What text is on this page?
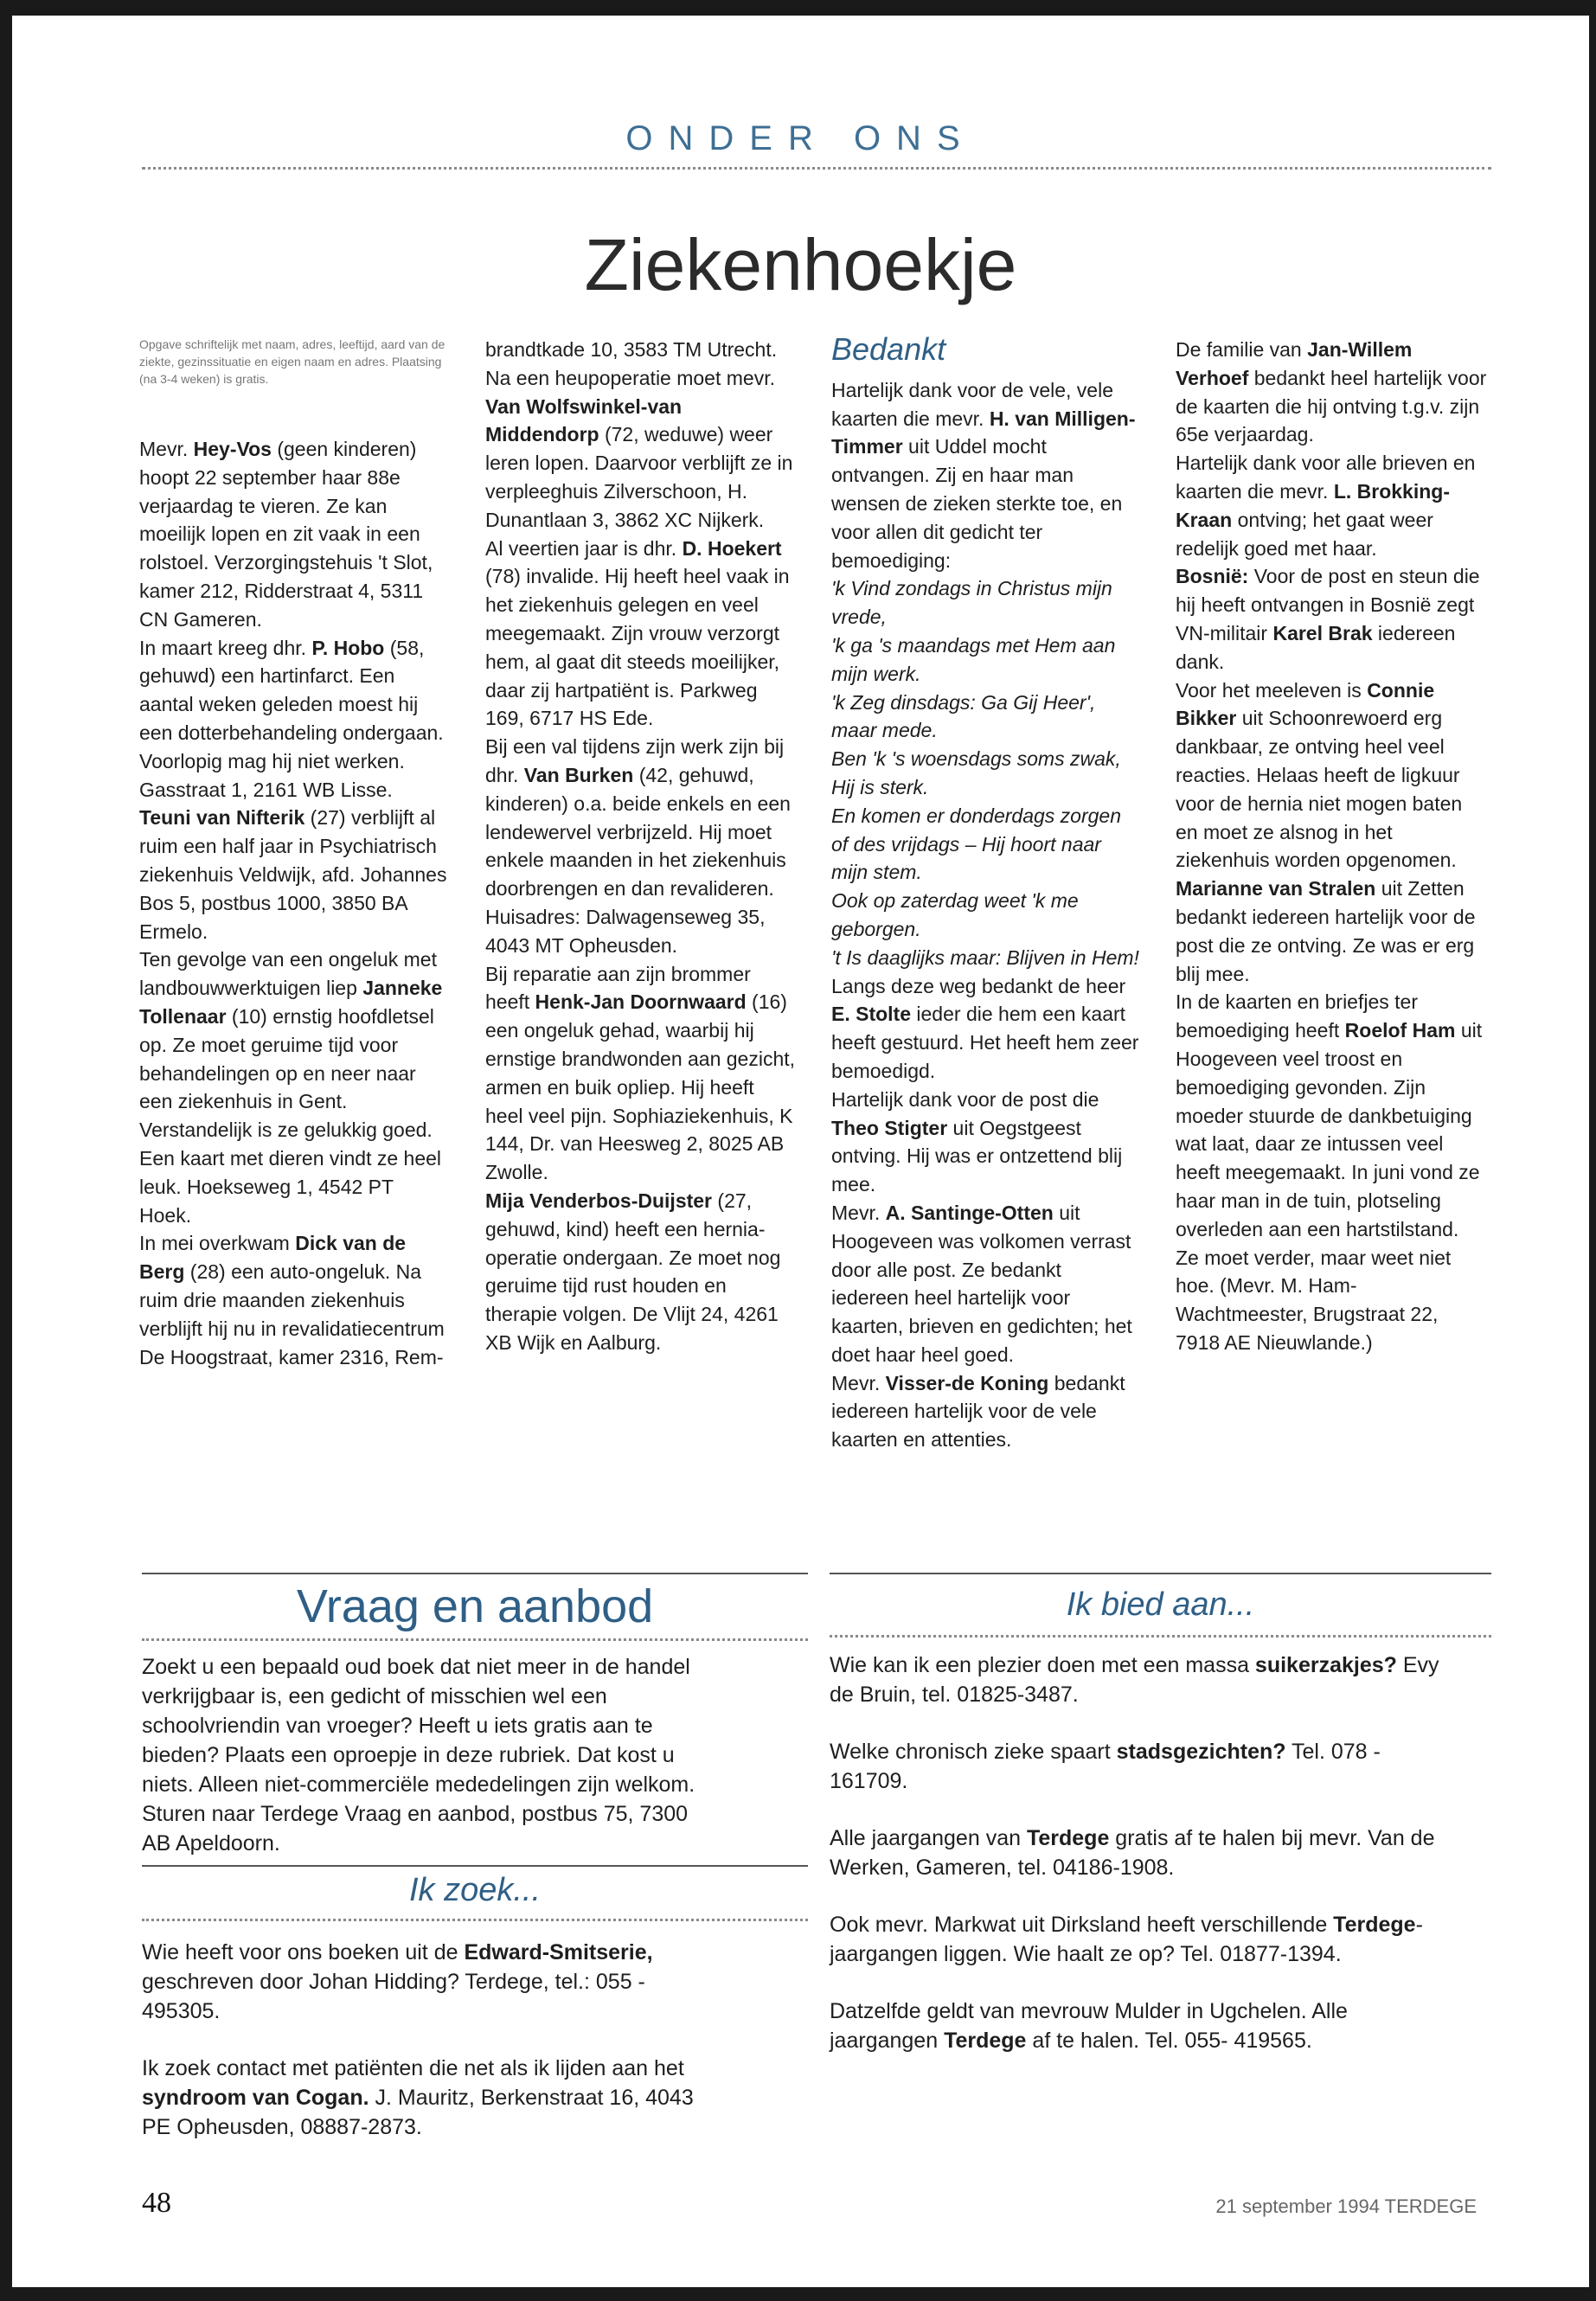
ONDER ONS
Ziekenhoekje

Opgave schriftelijk met naam, adres, leeftijd, aard van de ziekte, gezinssituatie en eigen naam en adres. Plaatsing (na 3-4 weken) is gratis.

Mevr. Hey-Vos (geen kinderen) hoopt 22 september haar 88e verjaardag te vieren. Ze kan moeilijk lopen en zit vaak in een rolstoel. Verzorgingstehuis 't Slot, kamer 212, Ridderstraat 4, 5311 CN Gameren.

In maart kreeg dhr. P. Hobo (58, gehuwd) een hartinfarct. Een aantal weken geleden moest hij een dotterbehandeling ondergaan. Voorlopig mag hij niet werken. Gasstraat 1, 2161 WB Lisse.

Teuni van Nifterik (27) verblijft al ruim een half jaar in Psychiatrisch ziekenhuis Veldwijk, afd. Johannes Bos 5, postbus 1000, 3850 BA Ermelo.

Ten gevolge van een ongeluk met landbouwwerktuigen liep Janneke Tollenaar (10) ernstig hoofdletsel op. Ze moet geruime tijd voor behandelingen op en neer naar een ziekenhuis in Gent. Verstandelijk is ze gelukkig goed. Een kaart met dieren vindt ze heel leuk. Hoekseweg 1, 4542 PT Hoek.

In mei overkwam Dick van de Berg (28) een auto-ongeluk. Na ruim drie maanden ziekenhuis verblijft hij nu in revalidatiecentrum De Hoogstraat, kamer 2316, Rem-

brandtkade 10, 3583 TM Utrecht.

Na een heupoperatie moet mevr. Van Wolfswinkel-van Middendorp (72, weduwe) weer leren lopen. Daarvoor verblijft ze in verpleeghuis Zilverschoon, H. Dunantlaan 3, 3862 XC Nijkerk.

Al veertien jaar is dhr. D. Hoekert (78) invalide. Hij heeft heel vaak in het ziekenhuis gelegen en veel meegemaakt. Zijn vrouw verzorgt hem, al gaat dit steeds moeilijker, daar zij hartpatiënt is. Parkweg 169, 6717 HS Ede.

Bij een val tijdens zijn werk zijn bij dhr. Van Burken (42, gehuwd, kinderen) o.a. beide enkels en een lendewervel verbrijzeld. Hij moet enkele maanden in het ziekenhuis doorbrengen en dan revalideren. Huisadres: Dalwagenseweg 35, 4043 MT Opheusden.

Bij reparatie aan zijn brommer heeft Henk-Jan Doornwaard (16) een ongeluk gehad, waarbij hij ernstige brandwonden aan gezicht, armen en buik opliep. Hij heeft heel veel pijn. Sophiaziekenhuis, K 144, Dr. van Heesweg 2, 8025 AB Zwolle.

Mija Venderbos-Duijster (27, gehuwd, kind) heeft een hernia-operatie ondergaan. Ze moet nog geruime tijd rust houden en therapie volgen. De Vlijt 24, 4261 XB Wijk en Aalburg.

Bedankt

Hartelijk dank voor de vele, vele kaarten die mevr. H. van Milligen-Timmer uit Uddel mocht ontvangen. Zij en haar man wensen de zieken sterkte toe, en voor allen dit gedicht ter bemoediging:

'k Vind zondags in Christus mijn vrede,

'k ga 's maandags met Hem aan mijn werk.

'k Zeg dinsdags: Ga Gij Heer', maar mede.

Ben 'k 's woensdags soms zwak, Hij is sterk.

En komen er donderdags zorgen

of des vrijdags – Hij hoort naar mijn stem.

Ook op zaterdag weet 'k me geborgen.

't Is daaglijks maar: Blijven in Hem!

Langs deze weg bedankt de heer E. Stolte ieder die hem een kaart heeft gestuurd. Het heeft hem zeer bemoedigd.

Hartelijk dank voor de post die Theo Stigter uit Oegstgeest ontving. Hij was er ontzettend blij mee.

Mevr. A. Santinge-Otten uit Hoogeveen was volkomen verrast door alle post. Ze bedankt iedereen heel hartelijk voor kaarten, brieven en gedichten; het doet haar heel goed.

Mevr. Visser-de Koning bedankt iedereen hartelijk voor de vele kaarten en attenties.

De familie van Jan-Willem Verhoef bedankt heel hartelijk voor de kaarten die hij ontving t.g.v. zijn 65e verjaardag.

Hartelijk dank voor alle brieven en kaarten die mevr. L. Brokking-Kraan ontving; het gaat weer redelijk goed met haar.

Bosnië: Voor de post en steun die hij heeft ontvangen in Bosnië zegt VN-militair Karel Brak iedereen dank.

Voor het meeleven is Connie Bikker uit Schoonrewoerd erg dankbaar, ze ontving heel veel reacties. Helaas heeft de ligkuur voor de hernia niet mogen baten en moet ze alsnog in het ziekenhuis worden opgenomen.

Marianne van Stralen uit Zetten bedankt iedereen hartelijk voor de post die ze ontving. Ze was er erg blij mee.

In de kaarten en briefjes ter bemoediging heeft Roelof Ham uit Hoogeveen veel troost en bemoediging gevonden. Zijn moeder stuurde de dankbetuiging wat laat, daar ze intussen veel heeft meegemaakt. In juni vond ze haar man in de tuin, plotseling overleden aan een hartstilstand. Ze moet verder, maar weet niet hoe. (Mevr. M. Ham-Wachtmeester, Brugstraat 22, 7918 AE Nieuwlande.)

Vraag en aanbod

Zoekt u een bepaald oud boek dat niet meer in de handel verkrijgbaar is, een gedicht of misschien wel een schoolvriendin van vroeger? Heeft u iets gratis aan te bieden? Plaats een oproepje in deze rubriek. Dat kost u niets. Alleen niet-commerciële mededelingen zijn welkom. Sturen naar Terdege Vraag en aanbod, postbus 75, 7300 AB Apeldoorn.

Ik zoek...

Wie heeft voor ons boeken uit de Edward-Smitserie, geschreven door Johan Hidding? Terdege, tel.: 055 - 495305.

Ik zoek contact met patiënten die net als ik lijden aan het syndroom van Cogan. J. Mauritz, Berkenstraat 16, 4043 PE Opheusden, 08887-2873.

Ik bied aan...

Wie kan ik een plezier doen met een massa suikerzakjes? Evy de Bruin, tel. 01825-3487.

Welke chronisch zieke spaart stadsgezichten? Tel. 078 - 161709.

Alle jaargangen van Terdege gratis af te halen bij mevr. Van de Werken, Gameren, tel. 04186-1908.

Ook mevr. Markwat uit Dirksland heeft verschillende Terdege-jaargangen liggen. Wie haalt ze op? Tel. 01877-1394.

Datzelfde geldt van mevrouw Mulder in Ugchelen. Alle jaargangen Terdege af te halen. Tel. 055- 419565.

48	21 september 1994 TERDEGE
